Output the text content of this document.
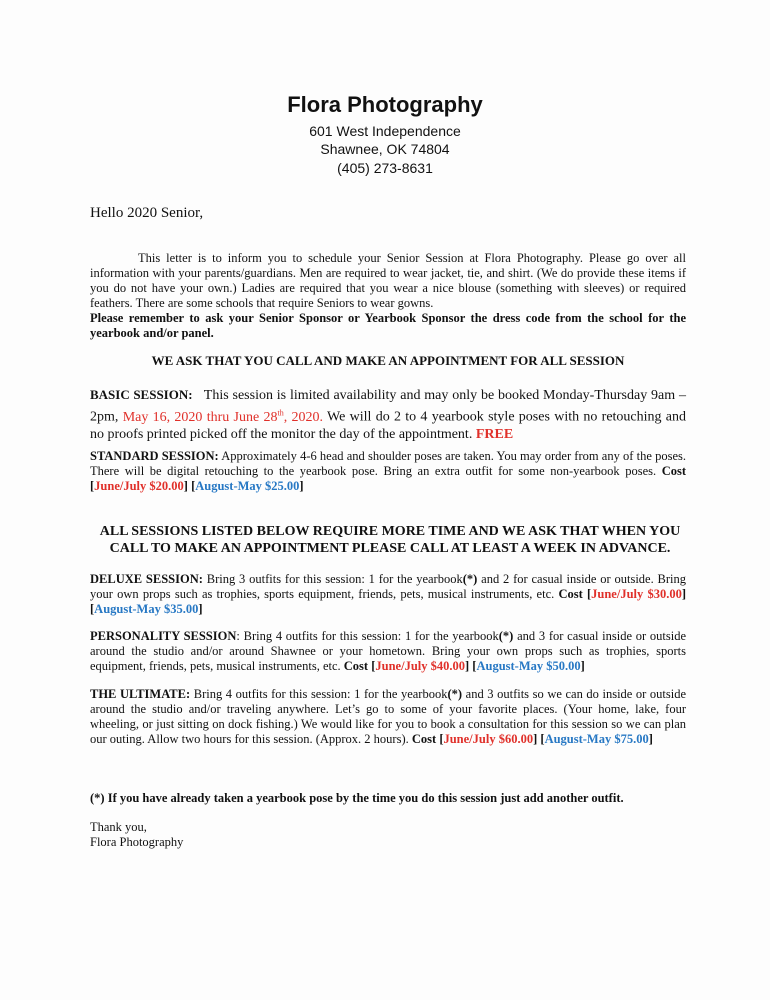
Flora Photography
601 West Independence
Shawnee, OK 74804
(405) 273-8631
Hello 2020 Senior,
This letter is to inform you to schedule your Senior Session at Flora Photography. Please go over all information with your parents/guardians. Men are required to wear jacket, tie, and shirt. (We do provide these items if you do not have your own.) Ladies are required that you wear a nice blouse (something with sleeves) or required feathers. There are some schools that require Seniors to wear gowns.
Please remember to ask your Senior Sponsor or Yearbook Sponsor the dress code from the school for the yearbook and/or panel.
WE ASK THAT YOU CALL AND MAKE AN APPOINTMENT FOR ALL SESSION
BASIC SESSION: This session is limited availability and may only be booked Monday-Thursday 9am – 2pm, May 16, 2020 thru June 28th, 2020. We will do 2 to 4 yearbook style poses with no retouching and no proofs printed picked off the monitor the day of the appointment. FREE
STANDARD SESSION: Approximately 4-6 head and shoulder poses are taken. You may order from any of the poses. There will be digital retouching to the yearbook pose. Bring an extra outfit for some non-yearbook poses. Cost [June/July $20.00] [August-May $25.00]
ALL SESSIONS LISTED BELOW REQUIRE MORE TIME AND WE ASK THAT WHEN YOU CALL TO MAKE AN APPOINTMENT PLEASE CALL AT LEAST A WEEK IN ADVANCE.
DELUXE SESSION: Bring 3 outfits for this session: 1 for the yearbook(*) and 2 for casual inside or outside. Bring your own props such as trophies, sports equipment, friends, pets, musical instruments, etc. Cost [June/July $30.00] [August-May $35.00]
PERSONALITY SESSION: Bring 4 outfits for this session: 1 for the yearbook(*) and 3 for casual inside or outside around the studio and/or around Shawnee or your hometown. Bring your own props such as trophies, sports equipment, friends, pets, musical instruments, etc. Cost [June/July $40.00] [August-May $50.00]
THE ULTIMATE: Bring 4 outfits for this session: 1 for the yearbook(*) and 3 outfits so we can do inside or outside around the studio and/or traveling anywhere. Let’s go to some of your favorite places. (Your home, lake, four wheeling, or just sitting on dock fishing.) We would like for you to book a consultation for this session so we can plan our outing. Allow two hours for this session. (Approx. 2 hours). Cost [June/July $60.00] [August-May $75.00]
(*) If you have already taken a yearbook pose by the time you do this session just add another outfit.
Thank you,
Flora Photography
